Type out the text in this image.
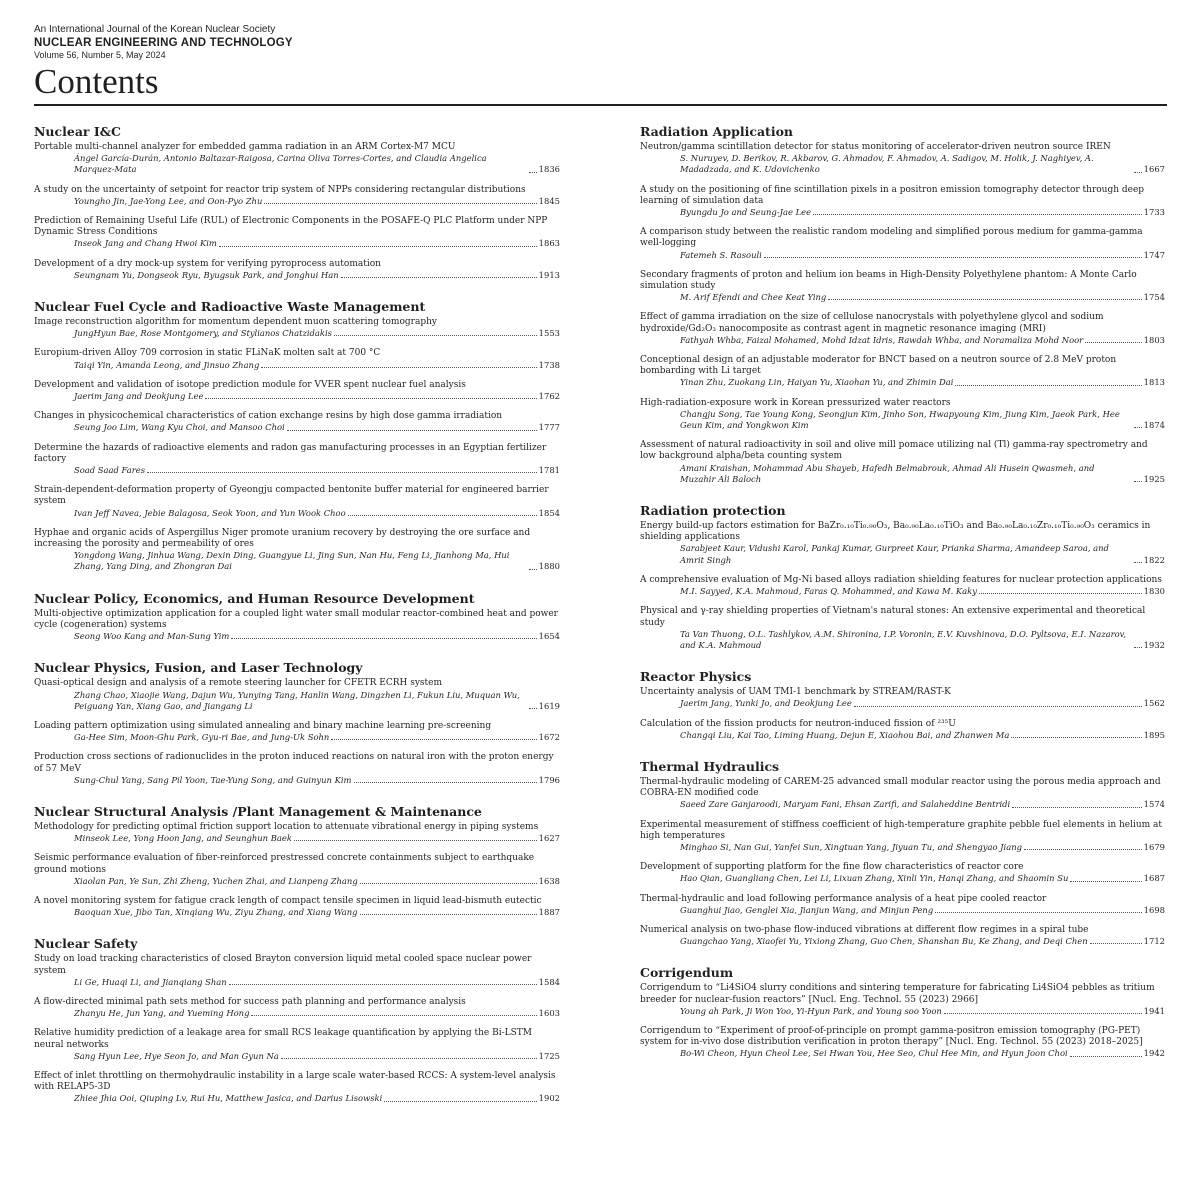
An International Journal of the Korean Nuclear Society
NUCLEAR ENGINEERING AND TECHNOLOGY
Volume 56, Number 5, May 2024
Contents
Nuclear I&C
Portable multi-channel analyzer for embedded gamma radiation in an ARM Cortex-M7 MCU
Ángel García-Durán, Antonio Baltazar-Raigosa, Carina Oliva Torres-Cortes, and Claudia Angelica Marquez-Mata	1836
A study on the uncertainty of setpoint for reactor trip system of NPPs considering rectangular distributions
Youngho Jin, Jae-Yong Lee, and Oon-Pyo Zhu	1845
Prediction of Remaining Useful Life (RUL) of Electronic Components in the POSAFE-Q PLC Platform under NPP Dynamic Stress Conditions
Inseok Jang and Chang Hwoi Kim	1863
Development of a dry mock-up system for verifying pyroprocess automation
Seungnam Yu, Dongseok Ryu, Byugsuk Park, and Jonghui Han	1913
Nuclear Fuel Cycle and Radioactive Waste Management
Image reconstruction algorithm for momentum dependent muon scattering tomography
JungHyun Bae, Rose Montgomery, and Stylianos Chatzidakis	1553
Europium-driven Alloy 709 corrosion in static FLiNaK molten salt at 700 °C
Taiqi Yin, Amanda Leong, and Jinsuo Zhang	1738
Development and validation of isotope prediction module for VVER spent nuclear fuel analysis
Jaerim Jang and Deokjung Lee	1762
Changes in physicochemical characteristics of cation exchange resins by high dose gamma irradiation
Seung Joo Lim, Wang Kyu Choi, and Mansoo Choi	1777
Determine the hazards of radioactive elements and radon gas manufacturing processes in an Egyptian fertilizer factory
Soad Saad Fares	1781
Strain-dependent-deformation property of Gyeongju compacted bentonite buffer material for engineered barrier system
Ivan Jeff Navea, Jebie Balagosa, Seok Yoon, and Yun Wook Choo	1854
Hyphae and organic acids of Aspergillus Niger promote uranium recovery by destroying the ore surface and increasing the porosity and permeability of ores
Yongdong Wang, Jinhua Wang, Dexin Ding, Guangyue Li, Jing Sun, Nan Hu, Feng Li, Jianhong Ma, Hui Zhang, Yang Ding, and Zhongran Dai	1880
Nuclear Policy, Economics, and Human Resource Development
Multi-objective optimization application for a coupled light water small modular reactor-combined heat and power cycle (cogeneration) systems
Seong Woo Kang and Man-Sung Yim	1654
Nuclear Physics, Fusion, and Laser Technology
Quasi-optical design and analysis of a remote steering launcher for CFETR ECRH system
Zhang Chao, Xiaojie Wang, Dajun Wu, Yunying Tang, Hanlin Wang, Dingzhen Li, Fukun Liu, Muquan Wu, Peiguang Yan, Xiang Gao, and Jiangang Li	1619
Loading pattern optimization using simulated annealing and binary machine learning pre-screening
Ga-Hee Sim, Moon-Ghu Park, Gyu-ri Bae, and Jung-Uk Sohn	1672
Production cross sections of radionuclides in the proton induced reactions on natural iron with the proton energy of 57 MeV
Sung-Chul Yang, Sang Pil Yoon, Tae-Yung Song, and Guinyun Kim	1796
Nuclear Structural Analysis /Plant Management & Maintenance
Methodology for predicting optimal friction support location to attenuate vibrational energy in piping systems
Minseok Lee, Yong Hoon Jang, and Seunghun Baek	1627
Seismic performance evaluation of fiber-reinforced prestressed concrete containments subject to earthquake ground motions
Xiaolan Pan, Ye Sun, Zhi Zheng, Yuchen Zhai, and Lianpeng Zhang	1638
A novel monitoring system for fatigue crack length of compact tensile specimen in liquid lead-bismuth eutectic
Baoquan Xue, Jibo Tan, Xinqiang Wu, Ziyu Zhang, and Xiang Wang	1887
Nuclear Safety
Study on load tracking characteristics of closed Brayton conversion liquid metal cooled space nuclear power system
Li Ge, Huaqi Li, and Jianqiang Shan	1584
A flow-directed minimal path sets method for success path planning and performance analysis
Zhanyu He, Jun Yang, and Yueming Hong	1603
Relative humidity prediction of a leakage area for small RCS leakage quantification by applying the Bi-LSTM neural networks
Sang Hyun Lee, Hye Seon Jo, and Man Gyun Na	1725
Effect of inlet throttling on thermohydraulic instability in a large scale water-based RCCS: A system-level analysis with RELAP5-3D
Zhiee Jhia Ooi, Qiuping Lv, Rui Hu, Matthew Jasica, and Darius Lisowski	1902
Radiation Application
Neutron/gamma scintillation detector for status monitoring of accelerator-driven neutron source IREN
S. Nuruyev, D. Berikov, R. Akbarov, G. Ahmadov, F. Ahmadov, A. Sadigov, M. Holik, J. Naghiyev, A. Madadzada, and K. Udovichenko	1667
A study on the positioning of fine scintillation pixels in a positron emission tomography detector through deep learning of simulation data
Byungdu Jo and Seung-Jae Lee	1733
A comparison study between the realistic random modeling and simplified porous medium for gamma-gamma well-logging
Fatemeh S. Rasouli	1747
Secondary fragments of proton and helium ion beams in High-Density Polyethylene phantom: A Monte Carlo simulation study
M. Arif Efendi and Chee Keat Ying	1754
Effect of gamma irradiation on the size of cellulose nanocrystals with polyethylene glycol and sodium hydroxide/Gd₂O₃ nanocomposite as contrast agent in magnetic resonance imaging (MRI)
Fathyah Whba, Faizal Mohamed, Mohd Idzat Idris, Rawdah Whba, and Noramaliza Mohd Noor	1803
Conceptional design of an adjustable moderator for BNCT based on a neutron source of 2.8 MeV proton bombarding with Li target
Yinan Zhu, Zuokang Lin, Haiyan Yu, Xiaohan Yu, and Zhimin Dai	1813
High-radiation-exposure work in Korean pressurized water reactors
Changju Song, Tae Young Kong, Seongjun Kim, Jinho Son, Hwapyoung Kim, Jiung Kim, Jaeok Park, Hee Geun Kim, and Yongkwon Kim	1874
Assessment of natural radioactivity in soil and olive mill pomace utilizing nal (Tl) gamma-ray spectrometry and low background alpha/beta counting system
Amani Kraishan, Mohammad Abu Shayeb, Hafedh Belmabrouk, Ahmad Ali Husein Qwasmeh, and Muzahir Ali Baloch	1925
Radiation protection
Energy build-up factors estimation for BaZr₀.₁₀Ti₀.₉₀O₃, Ba₀.₉₀La₀.₁₀TiO₃ and Ba₀.₉₀La₀.₁₀Zr₀.₁₀Ti₀.₉₀O₃ ceramics in shielding applications
Sarabjeet Kaur, Vidushi Karol, Pankaj Kumar, Gurpreet Kaur, Prianka Sharma, Amandeep Saroa, and Amrit Singh	1822
A comprehensive evaluation of Mg-Ni based alloys radiation shielding features for nuclear protection applications
M.I. Sayyed, K.A. Mahmoud, Faras Q. Mohammed, and Kawa M. Kaky	1830
Physical and γ-ray shielding properties of Vietnam's natural stones: An extensive experimental and theoretical study
Ta Van Thuong, O.L. Tashlykov, A.M. Shironina, I.P. Voronin, E.V. Kuvshinova, D.O. Pyltsova, E.I. Nazarov, and K.A. Mahmoud	1932
Reactor Physics
Uncertainty analysis of UAM TMI-1 benchmark by STREAM/RAST-K
Jaerim Jang, Yunki Jo, and Deokjung Lee	1562
Calculation of the fission products for neutron-induced fission of ²³⁵U
Changqi Liu, Kai Tao, Liming Huang, Dejun E, Xiaohou Bai, and Zhanwen Ma	1895
Thermal Hydraulics
Thermal-hydraulic modeling of CAREM-25 advanced small modular reactor using the porous media approach and COBRA-EN modified code
Saeed Zare Ganjaroodi, Maryam Fani, Ehsan Zarifi, and Salaheddine Bentridi	1574
Experimental measurement of stiffness coefficient of high-temperature graphite pebble fuel elements in helium at high temperatures
Minghao Si, Nan Gui, Yanfei Sun, Xingtuan Yang, Jiyuan Tu, and Shengyao Jiang	1679
Development of supporting platform for the fine flow characteristics of reactor core
Hao Qian, Guangliang Chen, Lei Li, Lixuan Zhang, Xinli Yin, Hanqi Zhang, and Shaomin Su	1687
Thermal-hydraulic and load following performance analysis of a heat pipe cooled reactor
Guanghui Jiao, Genglei Xia, Jianjun Wang, and Minjun Peng	1698
Numerical analysis on two-phase flow-induced vibrations at different flow regimes in a spiral tube
Guangchao Yang, Xiaofei Yu, Yixiong Zhang, Guo Chen, Shanshan Bu, Ke Zhang, and Deqi Chen	1712
Corrigendum
Corrigendum to “Li4SiO4 slurry conditions and sintering temperature for fabricating Li4SiO4 pebbles as tritium breeder for nuclear-fusion reactors” [Nucl. Eng. Technol. 55 (2023) 2966]
Young ah Park, Ji Won Yoo, Yi-Hyun Park, and Young soo Yoon	1941
Corrigendum to “Experiment of proof-of-principle on prompt gamma-positron emission tomography (PG-PET) system for in-vivo dose distribution verification in proton therapy” [Nucl. Eng. Technol. 55 (2023) 2018–2025]
Bo-Wi Cheon, Hyun Cheol Lee, Sei Hwan You, Hee Seo, Chul Hee Min, and Hyun Joon Choi	1942
